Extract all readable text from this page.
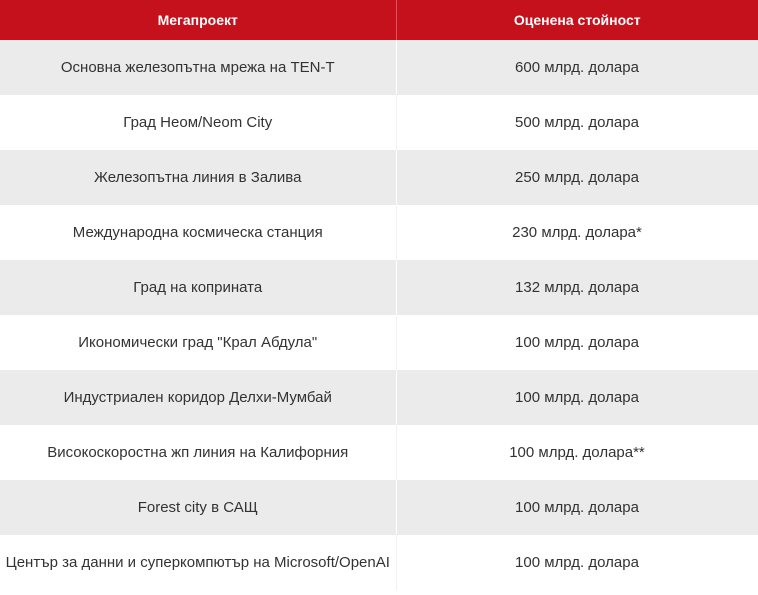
Мегапроект	Оценена стойност
Основна железопътна мрежа на TEN-T	600 млрд. долара
Град Неом/Neom City	500 млрд. долара
Железопътна линия в Залива	250 млрд. долара
Международна космическа станция	230 млрд. долара*
Град на коприната	132 млрд. долара
Икономически град "Крал Абдула"	100 млрд. долара
Индустриален коридор Делхи-Мумбай	100 млрд. долара
Високоскоростна жп линия на Калифорния	100 млрд. долара**
Forest city в САЩ	100 млрд. долара
Център за данни и суперкомпютър на Microsoft/OpenAI	100 млрд. долара
